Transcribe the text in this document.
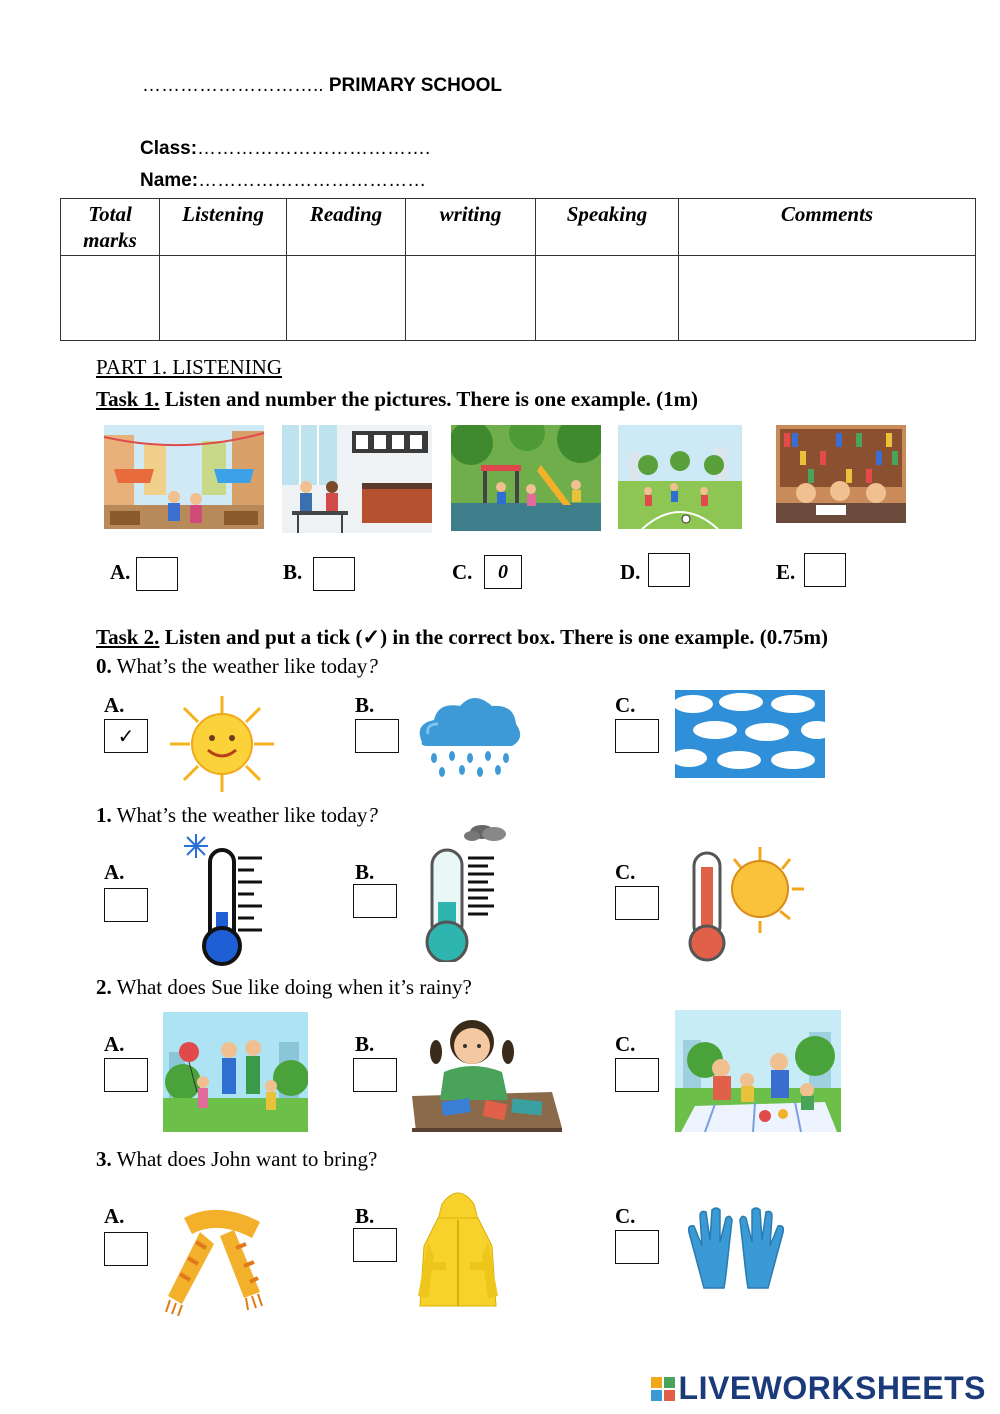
……………………….. PRIMARY SCHOOL
Class:……………………………….
Name:………………………………
Total marks	Listening	Reading	writing	Speaking	Comments

PART 1. LISTENING
Task 1. Listen and number the pictures. There is one example. (1m)
A.	B.	C.	0	D.	E.
Task 2. Listen and put a tick (✓) in the correct box. There is one example. (0.75m)
0. What’s the weather like today?
A.
✓
B.	C.
1. What’s the weather like today?
A.	B.	C.
2. What does Sue like doing when it’s rainy?
A.	B.	C.
3. What does John want to bring?
A.	B.	C.
LIVEWORKSHEETS
